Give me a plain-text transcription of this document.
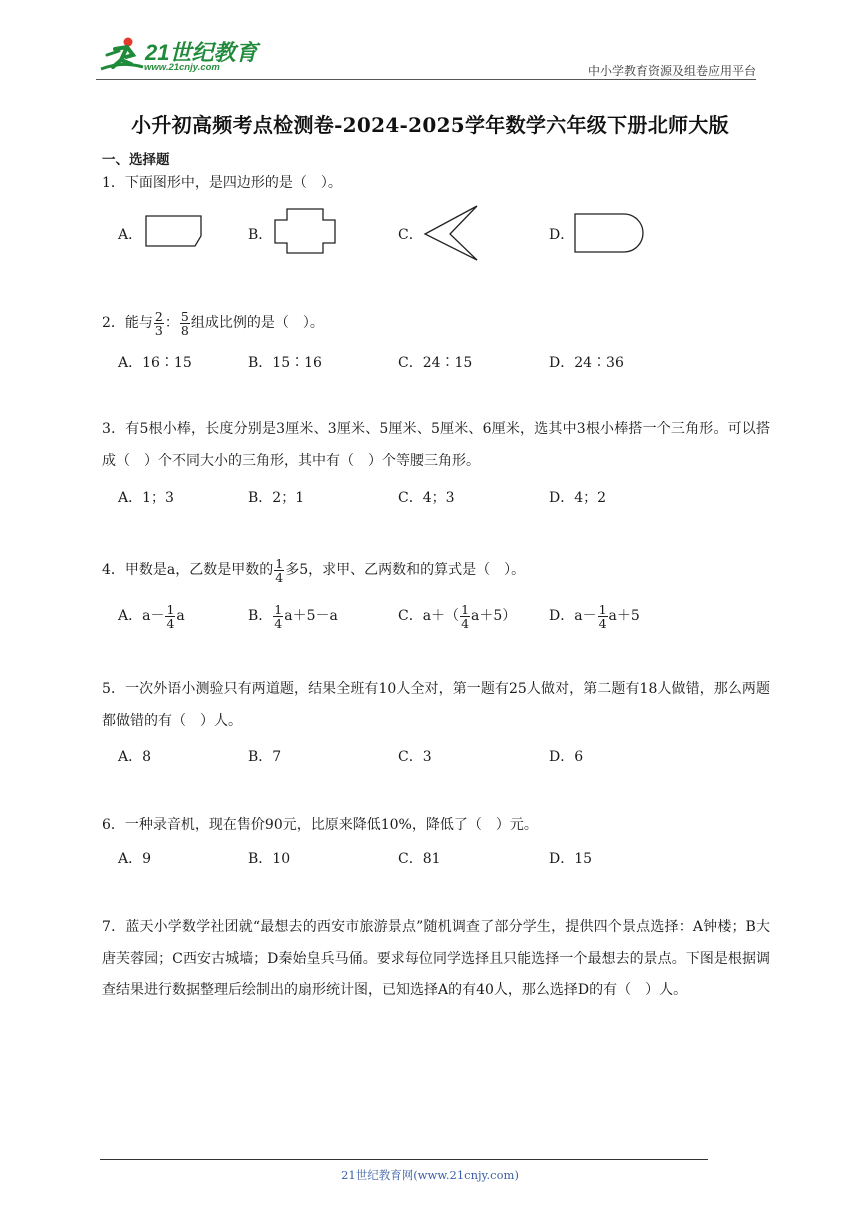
21世纪教育
www.21cnjy.com	中小学教育资源及组卷应用平台
小升初高频考点检测卷-2024-2025学年数学六年级下册北师大版
一、选择题
1．下面图形中，是四边形的是（　）。
A．	B．	C．	D．
2．能与 $\frac{2}{3}$ ： $\frac{5}{8}$ 组成比例的是（　）。
A．16∶15	B．15∶16	C．24∶15	D．24∶36
3．有5根小棒，长度分别是3厘米、3厘米、5厘米、5厘米、6厘米，选其中3根小棒搭一个三角形。可以搭成（　）个不同大小的三角形，其中有（　）个等腰三角形。
A．1；3	B．2；1	C．4；3	D．4；2
4．甲数是a，乙数是甲数的 $\frac{1}{4}$ 多5，求甲、乙两数和的算式是（　）。
A．$a- \frac{1}{4}$ a	B． $\frac{1}{4} a+5-a$	C．$a+( \frac{1}{4} a+5)$ D．$a- \frac{1}{4} a+5$
5．一次外语小测验只有两道题，结果全班有10人全对，第一题有25人做对，第二题有18人做错，那么两题都做错的有（　）人。
A．8	B．7	C．3	D．6
6．一种录音机，现在售价90元，比原来降低10%，降低了（　）元。
A．9	B．10	C．81	D．15
7．蓝天小学数学社团就“最想去的西安市旅游景点”随机调查了部分学生，提供四个景点选择：A钟楼；B大唐芙蓉园；C西安古城墙；D秦始皇兵马俑。要求每位同学选择且只能选择一个最想去的景点。下图是根据调查结果进行数据整理后绘制出的扇形统计图，已知选择A的有40人，那么选择D的有（　）人。
21世纪教育网(www.21cnjy.com)
